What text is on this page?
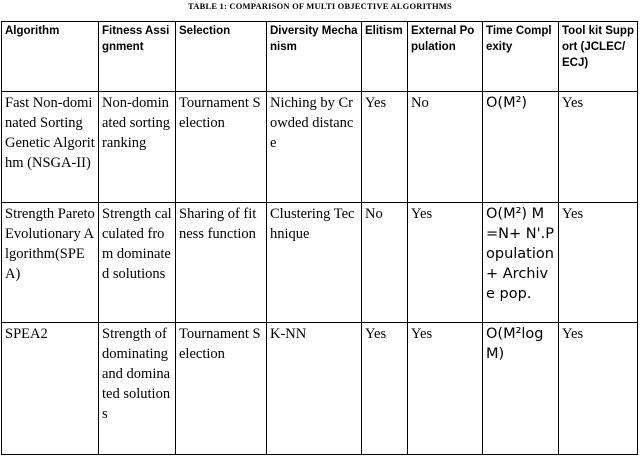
TABLE 1: COMPARISON OF MULTI OBJECTIVE ALGORITHMS
Algorithm	Fitness Assignment	Selection	Diversity Mechanism	Elitism	External Population	Time Complexity	Tool kit Support (JCLEC/ ECJ)
Fast Non-dominated Sorting Genetic Algorithm (NSGA-II)	Non-dominated sorting ranking	Tournament Selection	Niching by Crowded distance	Yes	No	O(M²)	Yes
Strength Pareto Evolutionary Algorithm(SPEA)	Strength calculated from dominated solutions	Sharing of fitness function	Clustering Technique	No	Yes	O(M²) M=N+ N'.Population + Archive pop.	Yes
SPEA2	Strength of dominating and dominated solutions	Tournament Selection	K-NN	Yes	Yes	O(M²log M)	Yes
